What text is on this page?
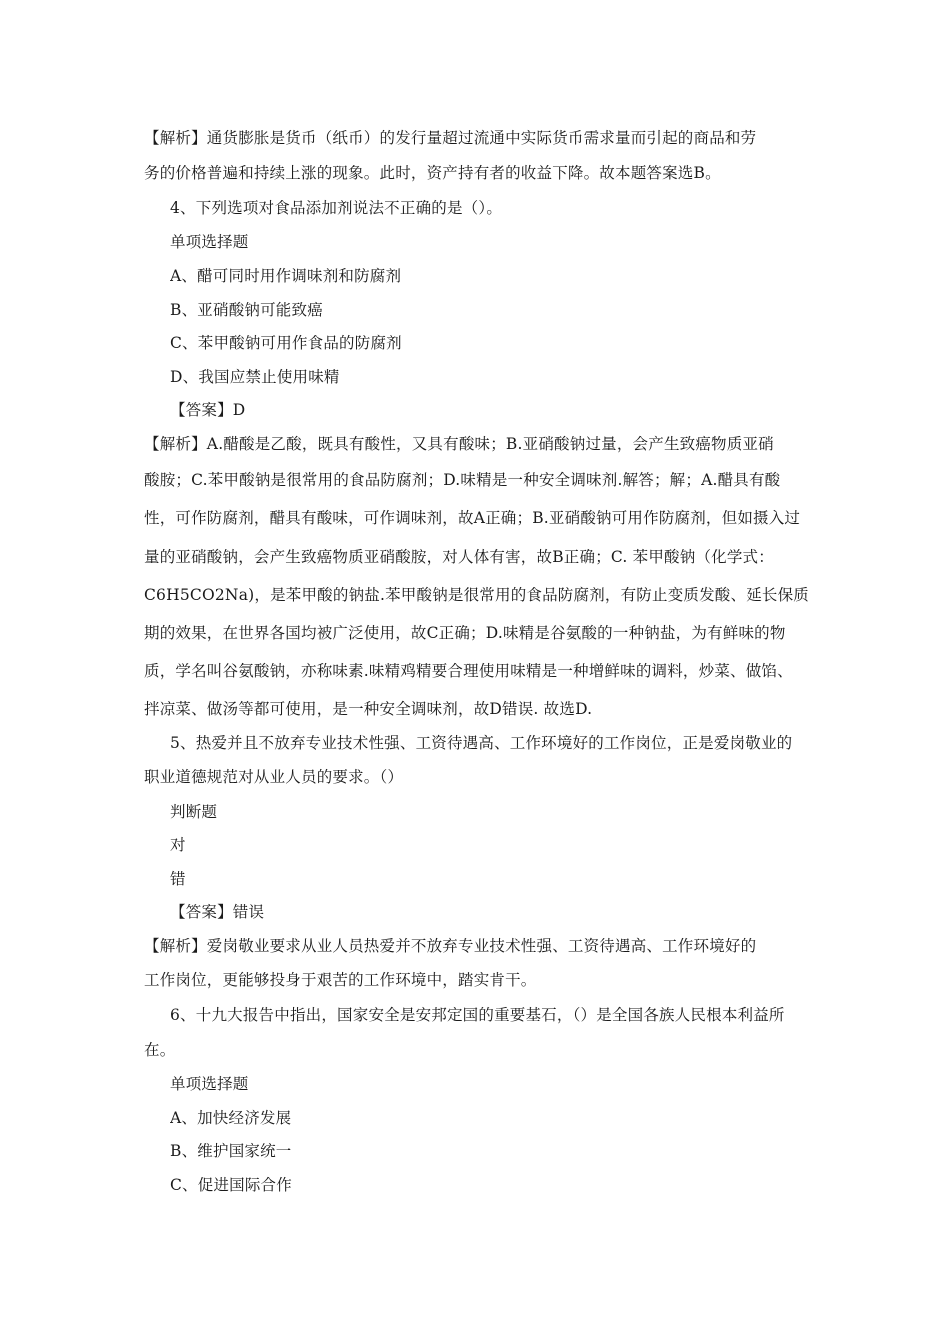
【解析】通货膨胀是货币（纸币）的发行量超过流通中实际货币需求量而引起的商品和劳
务的价格普遍和持续上涨的现象。此时，资产持有者的收益下降。故本题答案选B。
4、下列选项对食品添加剂说法不正确的是（）。
单项选择题
A、醋可同时用作调味剂和防腐剂
B、亚硝酸钠可能致癌
C、苯甲酸钠可用作食品的防腐剂
D、我国应禁止使用味精
【答案】D
【解析】A.醋酸是乙酸，既具有酸性，又具有酸味；B.亚硝酸钠过量，会产生致癌物质亚硝
酸胺；C.苯甲酸钠是很常用的食品防腐剂；D.味精是一种安全调味剂.解答；解；A.醋具有酸
性，可作防腐剂，醋具有酸味，可作调味剂，故A正确；B.亚硝酸钠可用作防腐剂，但如摄入过
量的亚硝酸钠，会产生致癌物质亚硝酸胺，对人体有害，故B正确；C. 苯甲酸钠（化学式：
C6H5CO2Na)，是苯甲酸的钠盐.苯甲酸钠是很常用的食品防腐剂，有防止变质发酸、延长保质
期的效果，在世界各国均被广泛使用，故C正确；D.味精是谷氨酸的一种钠盐，为有鲜味的物
质，学名叫谷氨酸钠，亦称味素.味精鸡精要合理使用味精是一种增鲜味的调料，炒菜、做馅、
拌凉菜、做汤等都可使用，是一种安全调味剂，故D错误. 故选D.
5、热爱并且不放弃专业技术性强、工资待遇高、工作环境好的工作岗位，正是爱岗敬业的
职业道德规范对从业人员的要求。（）
判断题
对
错
【答案】错误
【解析】爱岗敬业要求从业人员热爱并不放弃专业技术性强、工资待遇高、工作环境好的
工作岗位，更能够投身于艰苦的工作环境中，踏实肯干。
6、十九大报告中指出，国家安全是安邦定国的重要基石，（）是全国各族人民根本利益所
在。
单项选择题
A、加快经济发展
B、维护国家统一
C、促进国际合作
